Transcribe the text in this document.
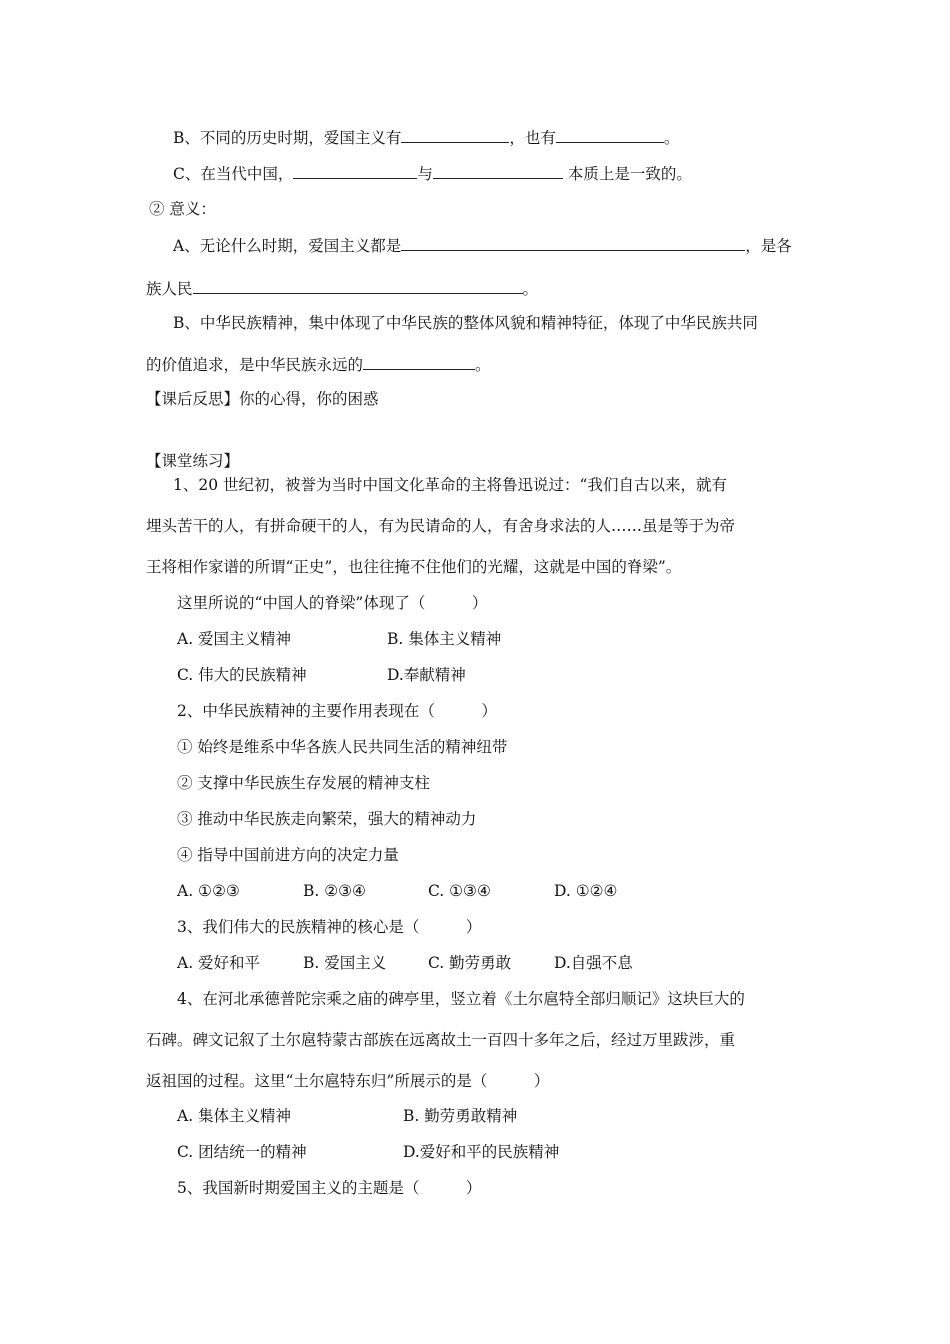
B、不同的历史时期，爱国主义有	，也有	。
C、在当代中国，	与	本质上是一致的。
② 意义：
A、无论什么时期，爱国主义都是	，是各
族人民	。
B、中华民族精神，集中体现了中华民族的整体风貌和精神特征，体现了中华民族共同
的价值追求，是中华民族永远的	。
【课后反思】你的心得，你的困惑
【课堂练习】
1、20 世纪初，被誉为当时中国文化革命的主将鲁迅说过：“我们自古以来，就有
埋头苦干的人，有拼命硬干的人，有为民请命的人，有舍身求法的人……虽是等于为帝
王将相作家谱的所谓“正史”，也往往掩不住他们的光耀，这就是中国的脊梁”。
这里所说的“中国人的脊梁”体现了（　　　）
A. 爱国主义精神	B. 集体主义精神
C. 伟大的民族精神	D.奉献精神
2、中华民族精神的主要作用表现在（　　　）
① 始终是维系中华各族人民共同生活的精神纽带
② 支撑中华民族生存发展的精神支柱
③ 推动中华民族走向繁荣，强大的精神动力
④ 指导中国前进方向的决定力量
A. ①②③	B. ②③④	C. ①③④	D. ①②④
3、我们伟大的民族精神的核心是（　　　）
A. 爱好和平	B. 爱国主义	C. 勤劳勇敢	D.自强不息
4、在河北承德普陀宗乘之庙的碑亭里，竖立着《土尔扈特全部归顺记》这块巨大的
石碑。碑文记叙了土尔扈特蒙古部族在远离故土一百四十多年之后，经过万里跋涉，重
返祖国的过程。这里“土尔扈特东归”所展示的是（　　　）
A. 集体主义精神	B. 勤劳勇敢精神
C. 团结统一的精神	D.爱好和平的民族精神
5、我国新时期爱国主义的主题是（　　　）
